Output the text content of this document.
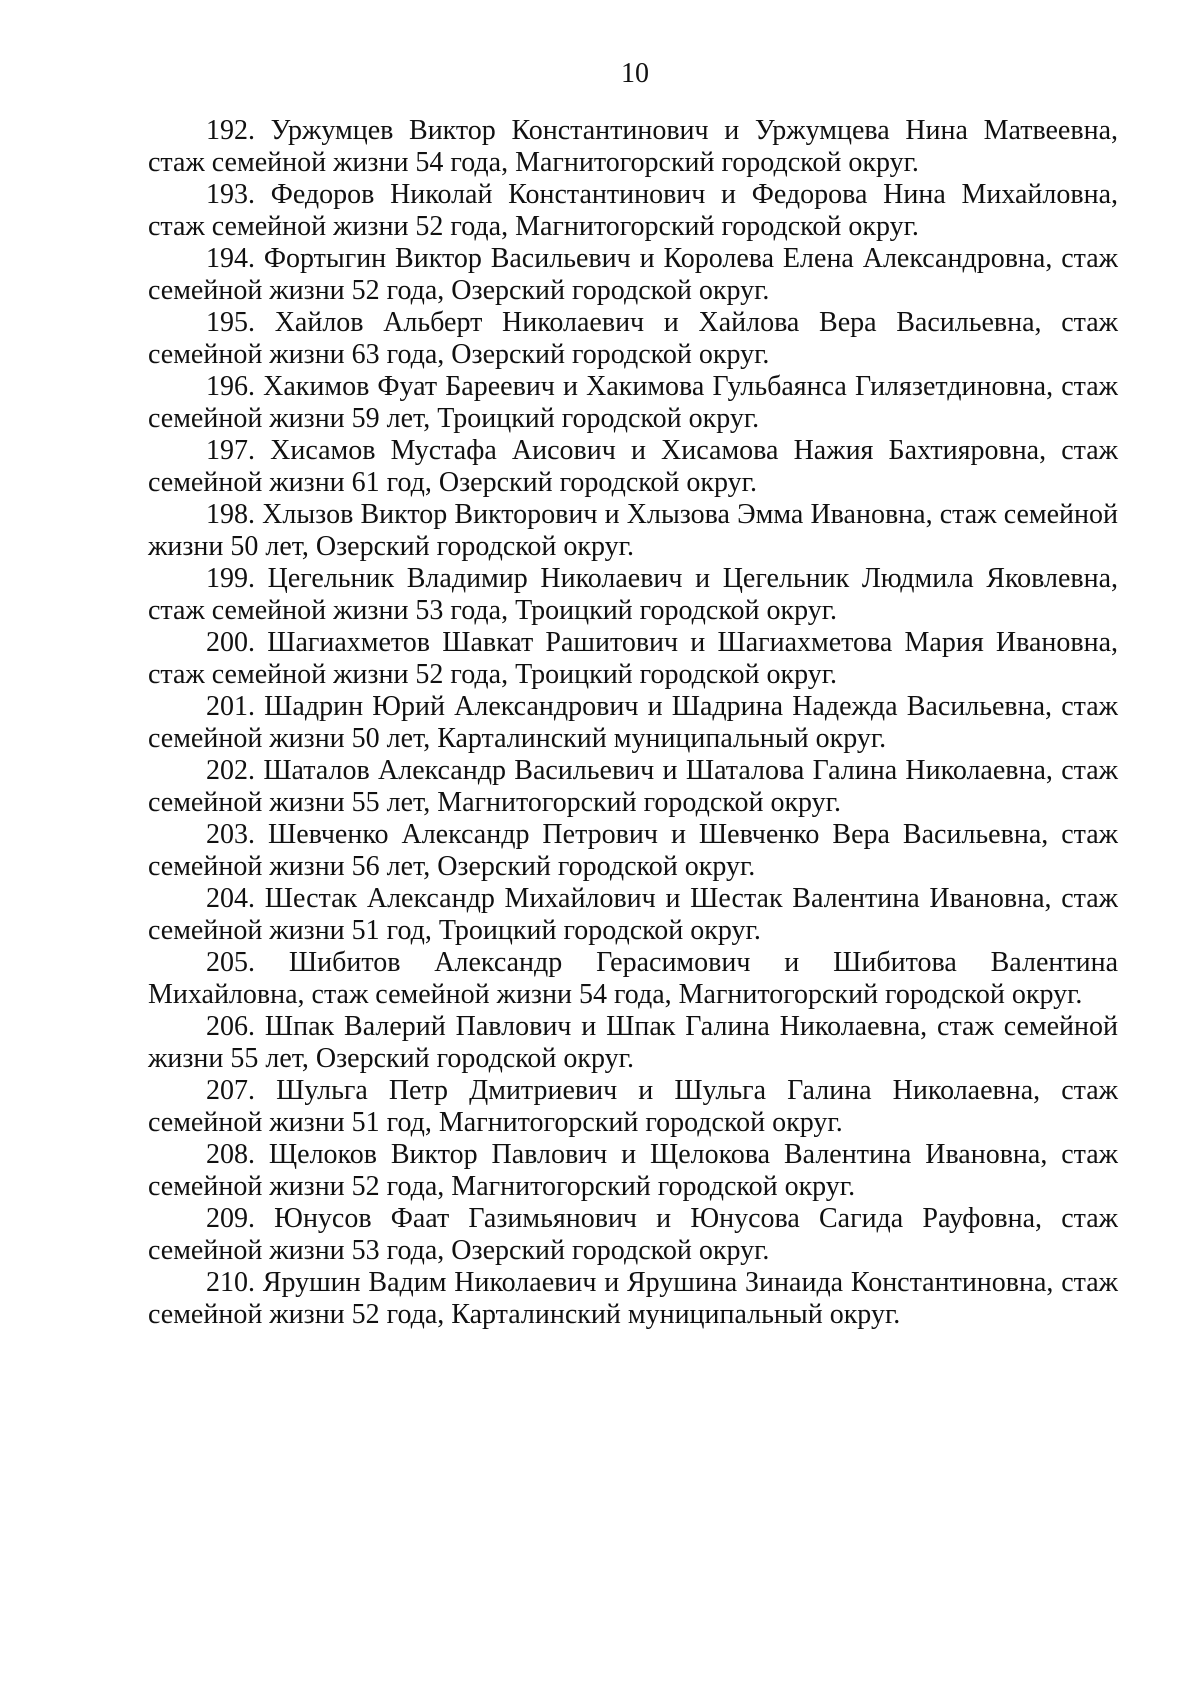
10

192. Уржумцев Виктор Константинович и Уржумцева Нина Матвеевна, стаж семейной жизни 54 года, Магнитогорский городской округ.

193. Федоров Николай Константинович и Федорова Нина Михайловна, стаж семейной жизни 52 года, Магнитогорский городской округ.

194. Фортыгин Виктор Васильевич и Королева Елена Александровна, стаж семейной жизни 52 года, Озерский городской округ.

195. Хайлов Альберт Николаевич и Хайлова Вера Васильевна, стаж семейной жизни 63 года, Озерский городской округ.

196. Хакимов Фуат Бареевич и Хакимова Гульбаянса Гилязетдиновна, стаж семейной жизни 59 лет, Троицкий городской округ.

197. Хисамов Мустафа Аисович и Хисамова Нажия Бахтияровна, стаж семейной жизни 61 год, Озерский городской округ.

198. Хлызов Виктор Викторович и Хлызова Эмма Ивановна, стаж семейной жизни 50 лет, Озерский городской округ.

199. Цегельник Владимир Николаевич и Цегельник Людмила Яковлевна, стаж семейной жизни 53 года, Троицкий городской округ.

200. Шагиахметов Шавкат Рашитович и Шагиахметова Мария Ивановна, стаж семейной жизни 52 года, Троицкий городской округ.

201. Шадрин Юрий Александрович и Шадрина Надежда Васильевна, стаж семейной жизни 50 лет, Карталинский муниципальный округ.

202. Шаталов Александр Васильевич и Шаталова Галина Николаевна, стаж семейной жизни 55 лет, Магнитогорский городской округ.

203. Шевченко Александр Петрович и Шевченко Вера Васильевна, стаж семейной жизни 56 лет, Озерский городской округ.

204. Шестак Александр Михайлович и Шестак Валентина Ивановна, стаж семейной жизни 51 год, Троицкий городской округ.

205. Шибитов Александр Герасимович и Шибитова Валентина Михайловна, стаж семейной жизни 54 года, Магнитогорский городской округ.

206. Шпак Валерий Павлович и Шпак Галина Николаевна, стаж семейной жизни 55 лет, Озерский городской округ.

207. Шульга Петр Дмитриевич и Шульга Галина Николаевна, стаж семейной жизни 51 год, Магнитогорский городской округ.

208. Щелоков Виктор Павлович и Щелокова Валентина Ивановна, стаж семейной жизни 52 года, Магнитогорский городской округ.

209. Юнусов Фаат Газимьянович и Юнусова Сагида Рауфовна, стаж семейной жизни 53 года, Озерский городской округ.

210. Ярушин Вадим Николаевич и Ярушина Зинаида Константиновна, стаж семейной жизни 52 года, Карталинский муниципальный округ.
